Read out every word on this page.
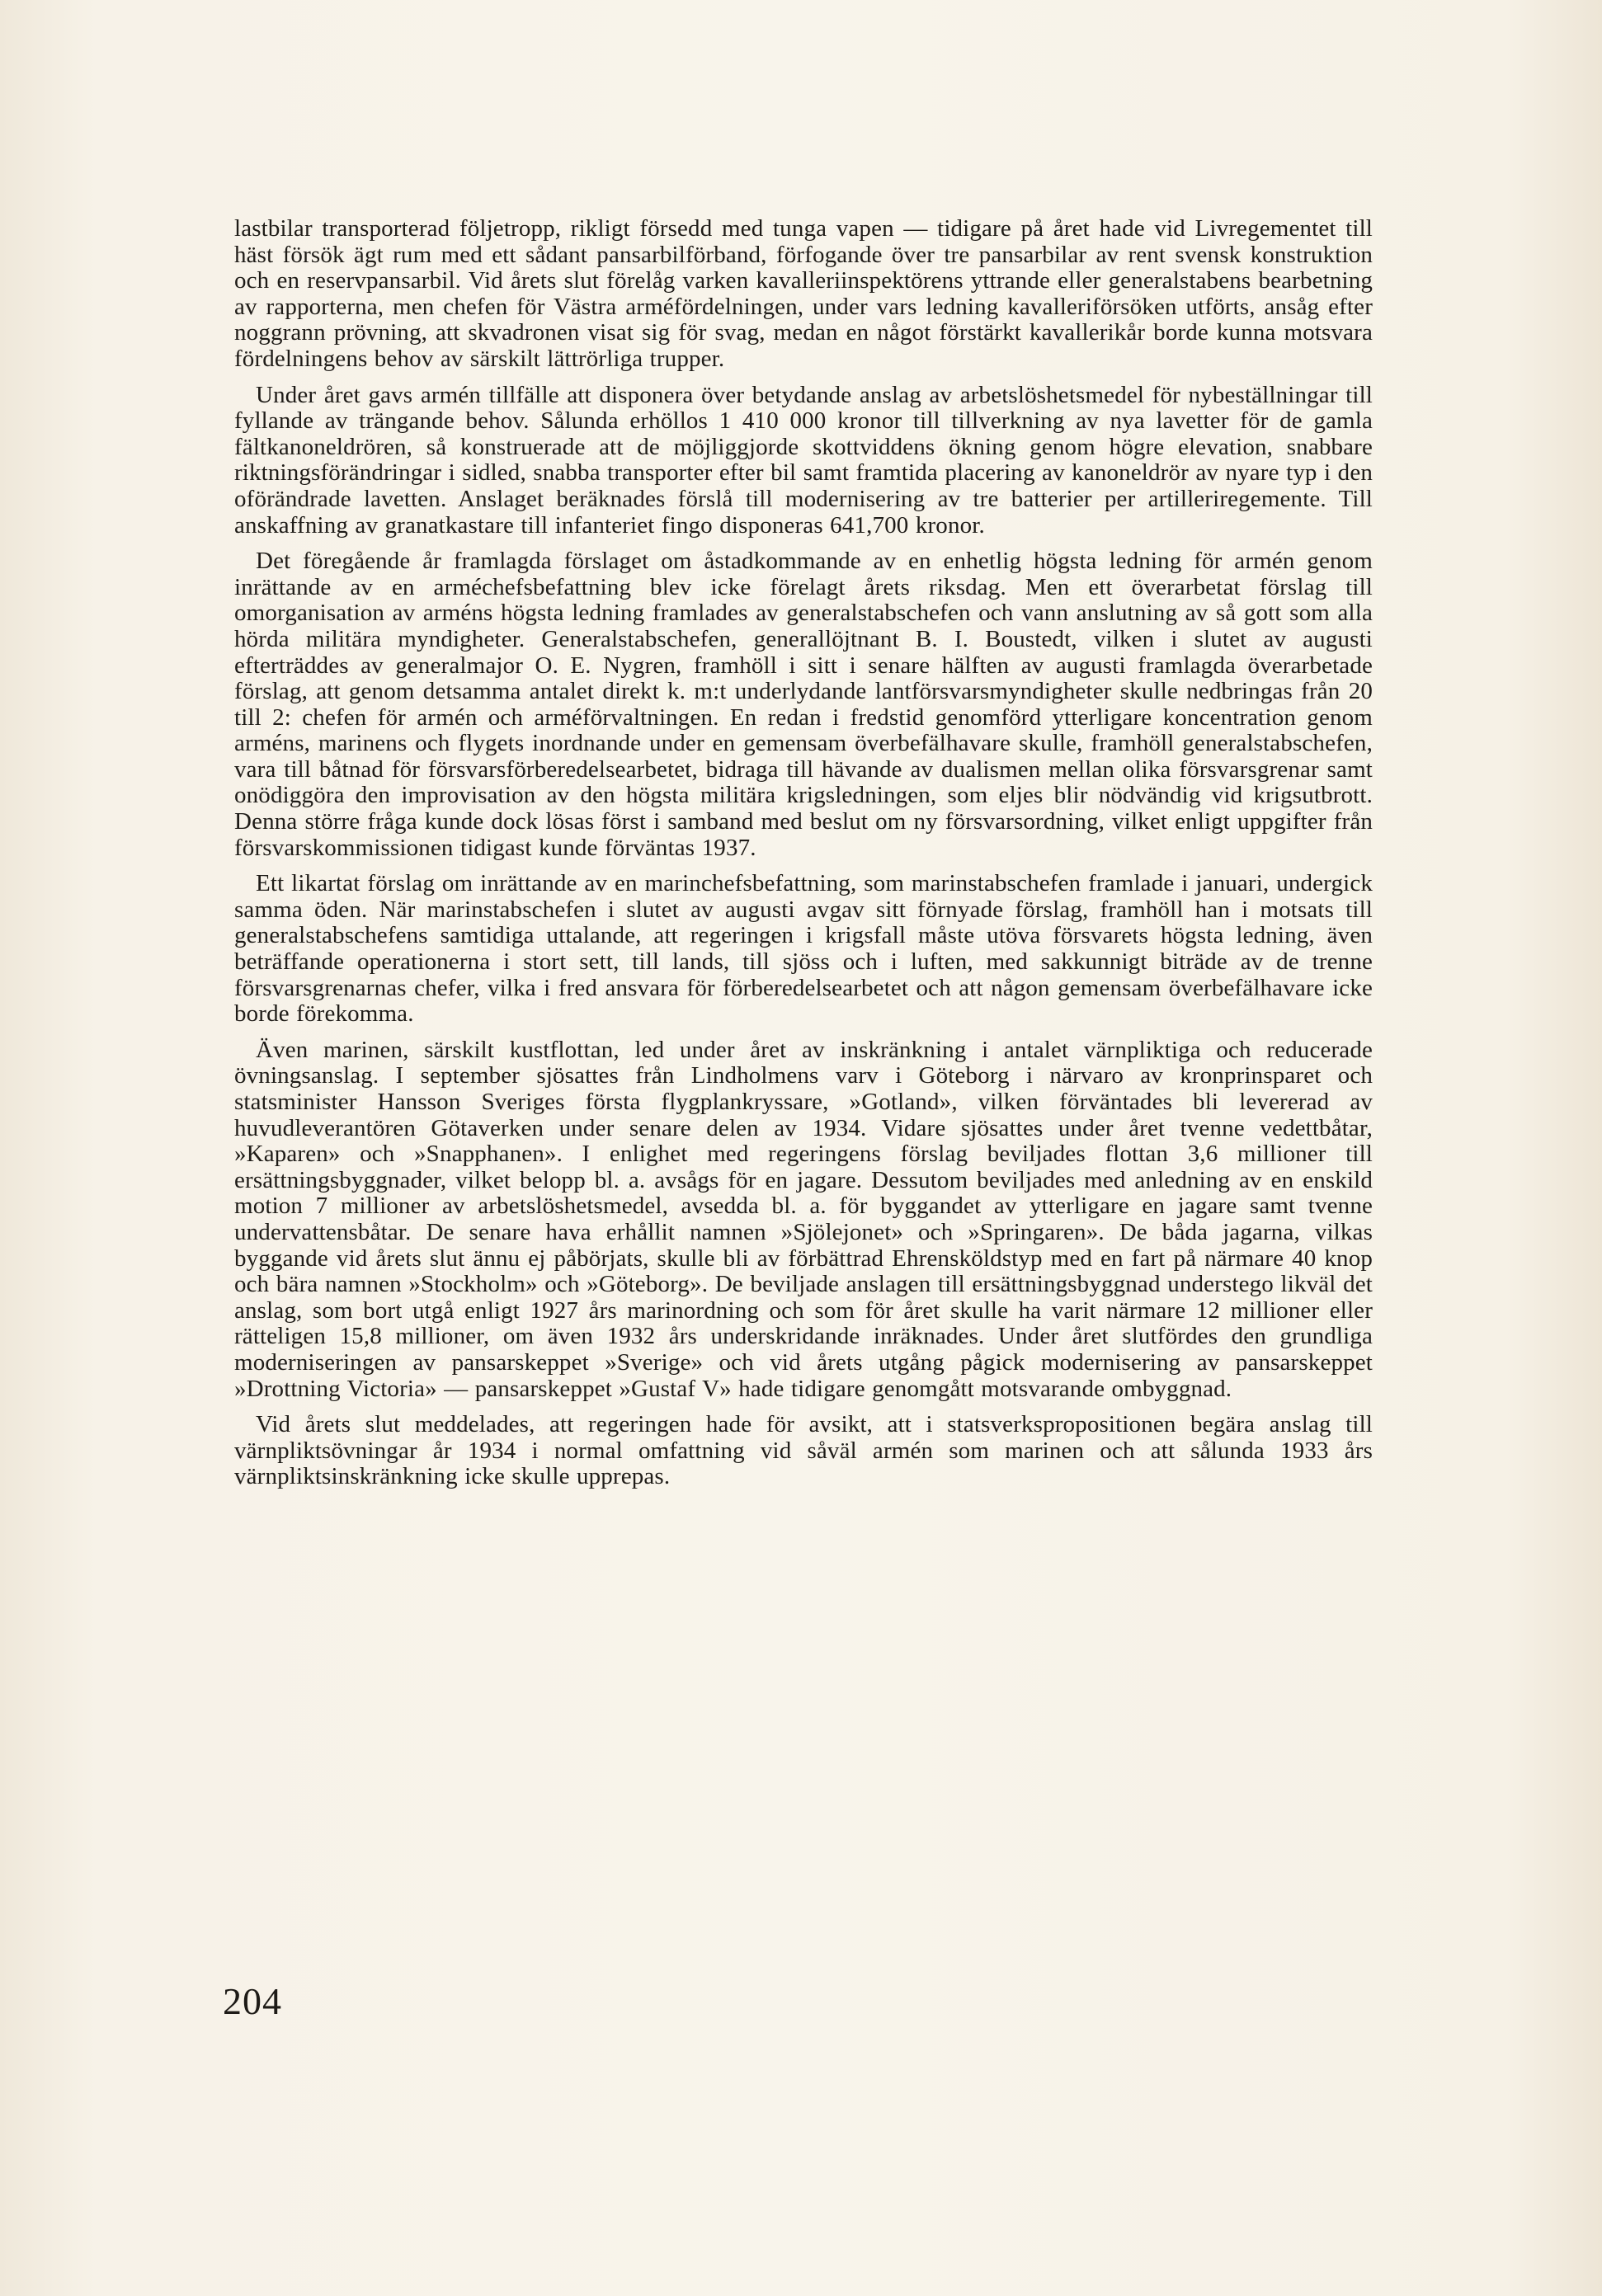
lastbilar transporterad följetropp, rikligt försedd med tunga vapen — tidigare på året hade vid Livregementet till häst försök ägt rum med ett sådant pansarbilförband, förfogande över tre pansarbilar av rent svensk konstruktion och en reservpansarbil. Vid årets slut förelåg varken kavalleriinspektörens yttrande eller generalstabens bearbetning av rapporterna, men chefen för Västra arméfördelningen, under vars ledning kavalleriförsöken utförts, ansåg efter noggrann prövning, att skvadronen visat sig för svag, medan en något förstärkt kavallerikår borde kunna motsvara fördelningens behov av särskilt lättrörliga trupper.

Under året gavs armén tillfälle att disponera över betydande anslag av arbetslöshetsmedel för nybeställningar till fyllande av trängande behov. Sålunda erhöllos 1 410 000 kronor till tillverkning av nya lavetter för de gamla fältkanoneldrören, så konstruerade att de möjliggjorde skottviddens ökning genom högre elevation, snabbare riktningsförändringar i sidled, snabba transporter efter bil samt framtida placering av kanoneldrör av nyare typ i den oförändrade lavetten. Anslaget beräknades förslå till modernisering av tre batterier per artilleriregemente. Till anskaffning av granatkastare till infanteriet fingo disponeras 641,700 kronor.

Det föregående år framlagda förslaget om åstadkommande av en enhetlig högsta ledning för armén genom inrättande av en arméchefsbefattning blev icke förelagt årets riksdag. Men ett överarbetat förslag till omorganisation av arméns högsta ledning framlades av generalstabschefen och vann anslutning av så gott som alla hörda militära myndigheter. Generalstabschefen, generallöjtnant B. I. Boustedt, vilken i slutet av augusti efterträddes av generalmajor O. E. Nygren, framhöll i sitt i senare hälften av augusti framlagda överarbetade förslag, att genom detsamma antalet direkt k. m:t underlydande lantförsvarsmyndigheter skulle nedbringas från 20 till 2: chefen för armén och arméförvaltningen. En redan i fredstid genomförd ytterligare koncentration genom arméns, marinens och flygets inordnande under en gemensam överbefälhavare skulle, framhöll generalstabschefen, vara till båtnad för försvarsförberedelsearbetet, bidraga till hävande av dualismen mellan olika försvarsgrenar samt onödiggöra den improvisation av den högsta militära krigsledningen, som eljes blir nödvändig vid krigsutbrott. Denna större fråga kunde dock lösas först i samband med beslut om ny försvarsordning, vilket enligt uppgifter från försvarskommissionen tidigast kunde förväntas 1937.

Ett likartat förslag om inrättande av en marinchefsbefattning, som marinstabschefen framlade i januari, undergick samma öden. När marinstabschefen i slutet av augusti avgav sitt förnyade förslag, framhöll han i motsats till generalstabschefens samtidiga uttalande, att regeringen i krigsfall måste utöva försvarets högsta ledning, även beträffande operationerna i stort sett, till lands, till sjöss och i luften, med sakkunnigt biträde av de trenne försvarsgrenarnas chefer, vilka i fred ansvara för förberedelsearbetet och att någon gemensam överbefälhavare icke borde förekomma.

Även marinen, särskilt kustflottan, led under året av inskränkning i antalet värnpliktiga och reducerade övningsanslag. I september sjösattes från Lindholmens varv i Göteborg i närvaro av kronprinsparet och statsminister Hansson Sveriges första flygplankryssare, »Gotland», vilken förväntades bli levererad av huvudleverantören Götaverken under senare delen av 1934. Vidare sjösattes under året tvenne vedettbåtar, »Kaparen» och »Snapphanen». I enlighet med regeringens förslag beviljades flottan 3,6 millioner till ersättningsbyggnader, vilket belopp bl. a. avsågs för en jagare. Dessutom beviljades med anledning av en enskild motion 7 millioner av arbetslöshetsmedel, avsedda bl. a. för byggandet av ytterligare en jagare samt tvenne undervattensbåtar. De senare hava erhållit namnen »Sjölejonet» och »Springaren». De båda jagarna, vilkas byggande vid årets slut ännu ej påbörjats, skulle bli av förbättrad Ehrensköldstyp med en fart på närmare 40 knop och bära namnen »Stockholm» och »Göteborg». De beviljade anslagen till ersättningsbyggnad understego likväl det anslag, som bort utgå enligt 1927 års marinordning och som för året skulle ha varit närmare 12 millioner eller rätteligen 15,8 millioner, om även 1932 års underskridande inräknades. Under året slutfördes den grundliga moderniseringen av pansarskeppet »Sverige» och vid årets utgång pågick modernisering av pansarskeppet »Drottning Victoria» — pansarskeppet »Gustaf V» hade tidigare genomgått motsvarande ombyggnad.

Vid årets slut meddelades, att regeringen hade för avsikt, att i statsverkspropositionen begära anslag till värnpliktsövningar år 1934 i normal omfattning vid såväl armén som marinen och att sålunda 1933 års värnpliktsinskränkning icke skulle upprepas.

204
